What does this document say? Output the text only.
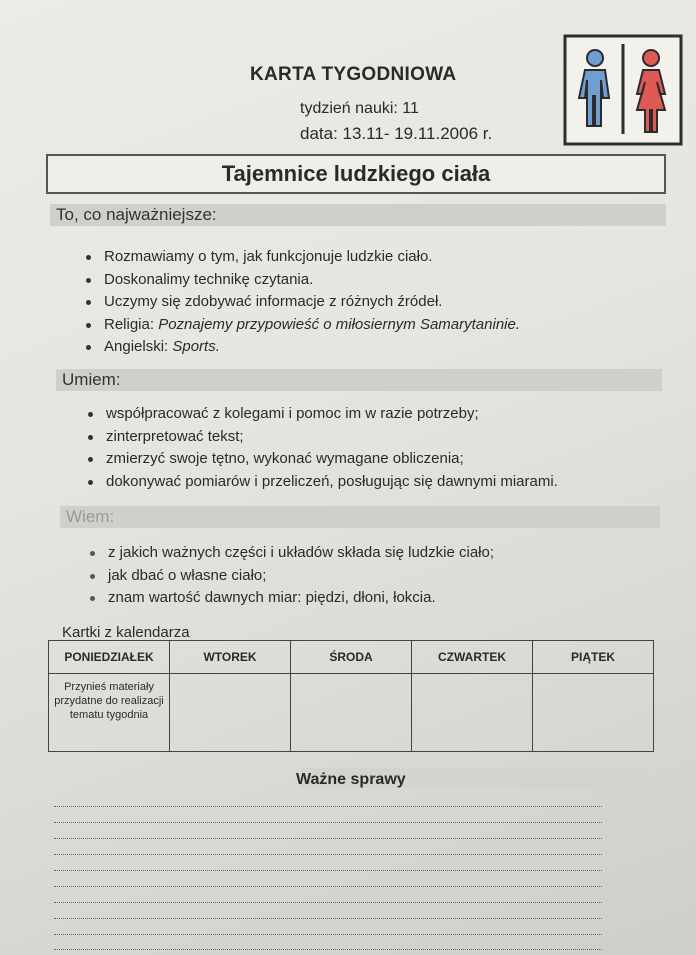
KARTA TYGODNIOWA
tydzień nauki: 11
data: 13.11- 19.11.2006 r.
Tajemnice ludzkiego ciała
To, co najważniejsze:
Rozmawiamy o tym, jak funkcjonuje ludzkie ciało.
Doskonalimy technikę czytania.
Uczymy się zdobywać informacje z różnych źródeł.
Religia: Poznajemy przypowieść o miłosiernym Samarytaninie.
Angielski: Sports.
Umiem:
współpracować z kolegami i pomoc im w razie potrzeby;
zinterpretować tekst;
zmierzyć swoje tętno, wykonać wymagane obliczenia;
dokonywać pomiarów i przeliczeń, posługując się dawnymi miarami.
Wiem:
z jakich ważnych części i układów składa się ludzkie ciało;
jak dbać o własne ciało;
znam wartość dawnych miar: piędzi, dłoni, łokcia.
Kartki z kalendarza
PONIEDZIAŁEK	WTOREK	ŚRODA	CZWARTEK	PIĄTEK
Przynieś materiały przydatne do realizacji tematu tygodnia				
Ważne sprawy
